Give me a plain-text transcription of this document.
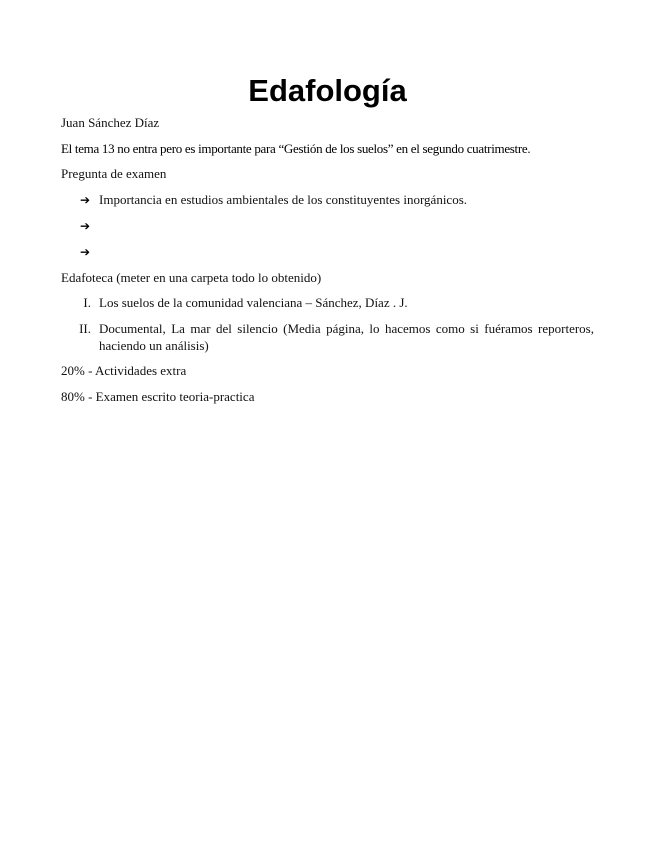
Edafología
Juan Sánchez Díaz
El tema 13 no entra pero es importante para “Gestión de los suelos” en el segundo cuatrimestre.
Pregunta de examen
➔ Importancia en estudios ambientales de los constituyentes inorgánicos.
➔
➔
Edafoteca (meter en una carpeta todo lo obtenido)
I. Los suelos de la comunidad valenciana – Sánchez, Díaz . J.
II. Documental, La mar del silencio (Media página, lo hacemos como si fuéramos reporteros, haciendo un análisis)
20% - Actividades extra
80% - Examen escrito teoria-practica
